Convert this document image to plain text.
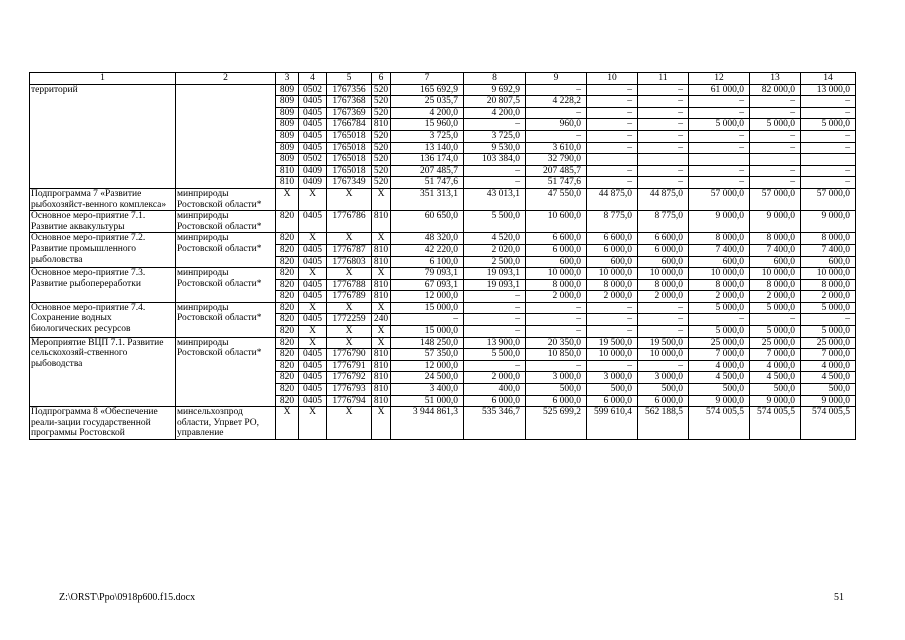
1	2	3	4	5	6	7	8	9	10	11	12	13	14
территорий		809	0502	1767356	520	165 692,9	9 692,9	–	–	–	61 000,0	82 000,0	13 000,0
		809	0405	1767368	520	25 035,7	20 807,5	4 228,2	–	–	–	–	–
		809	0405	1767369	520	4 200,0	4 200,0	–	–	–	–	–	–
		809	0405	1766784	810	15 960,0	–	960,0	–	–	5 000,0	5 000,0	5 000,0
		809	0405	1765018	520	3 725,0	3 725,0	–	–	–	–	–	–
		809	0405	1765018	520	13 140,0	9 530,0	3 610,0	–	–	–	–	–
		809	0502	1765018	520	136 174,0	103 384,0	32 790,0					
		810	0409	1765018	520	207 485,7	–	207 485,7	–	–	–	–	–
		810	0409	1767349	520	51 747,6	–	51 747,6	–	–	–	–	–
Подпрограмма 7 «Развитие рыбохозяйст-венного комплекса»	минприроды Ростовской области*	X	X	X	X	351 313,1	43 013,1	47 550,0	44 875,0	44 875,0	57 000,0	57 000,0	57 000,0
Основное меро-приятие 7.1. Развитие аквакультуры	минприроды Ростовской области*	820	0405	1776786	810	60 650,0	5 500,0	10 600,0	8 775,0	8 775,0	9 000,0	9 000,0	9 000,0
Основное меро-приятие 7.2. Развитие промышленного рыболовства	минприроды Ростовской области*	820	X	X	X	48 320,0	4 520,0	6 600,0	6 600,0	6 600,0	8 000,0	8 000,0	8 000,0
		820	0405	1776787	810	42 220,0	2 020,0	6 000,0	6 000,0	6 000,0	7 400,0	7 400,0	7 400,0
		820	0405	1776803	810	6 100,0	2 500,0	600,0	600,0	600,0	600,0	600,0	600,0
Основное меро-приятие 7.3. Развитие рыбопереработки	минприроды Ростовской области*	820	X	X	X	79 093,1	19 093,1	10 000,0	10 000,0	10 000,0	10 000,0	10 000,0	10 000,0
		820	0405	1776788	810	67 093,1	19 093,1	8 000,0	8 000,0	8 000,0	8 000,0	8 000,0	8 000,0
		820	0405	1776789	810	12 000,0	–	2 000,0	2 000,0	2 000,0	2 000,0	2 000,0	2 000,0
Основное меро-приятие 7.4. Сохранение водных биологических ресурсов	минприроды Ростовской области*	820	X	X	X	15 000,0	–	–	–	–	5 000,0	5 000,0	5 000,0
		820	0405	1772259	240	–	–	–	–	–	–	–	–
		820	X	X	X	15 000,0	–	–	–	–	5 000,0	5 000,0	5 000,0
Мероприятие ВЦП 7.1. Развитие сельскохозяй-ственного рыбоводства	минприроды Ростовской области*	820	X	X	X	148 250,0	13 900,0	20 350,0	19 500,0	19 500,0	25 000,0	25 000,0	25 000,0
		820	0405	1776790	810	57 350,0	5 500,0	10 850,0	10 000,0	10 000,0	7 000,0	7 000,0	7 000,0
		820	0405	1776791	810	12 000,0	–	–	–	–	4 000,0	4 000,0	4 000,0
		820	0405	1776792	810	24 500,0	2 000,0	3 000,0	3 000,0	3 000,0	4 500,0	4 500,0	4 500,0
		820	0405	1776793	810	3 400,0	400,0	500,0	500,0	500,0	500,0	500,0	500,0
		820	0405	1776794	810	51 000,0	6 000,0	6 000,0	6 000,0	6 000,0	9 000,0	9 000,0	9 000,0
Подпрограмма 8 «Обеспечение реали-зации государственной программы Ростовской	минсельхозпрод области, Упрвет РО, управление	X	X	X	X	3 944 861,3	535 346,7	525 699,2	599 610,4	562 188,5	574 005,5	574 005,5	574 005,5
Z:\ORST\Ppo\0918p600.f15.docx	51
